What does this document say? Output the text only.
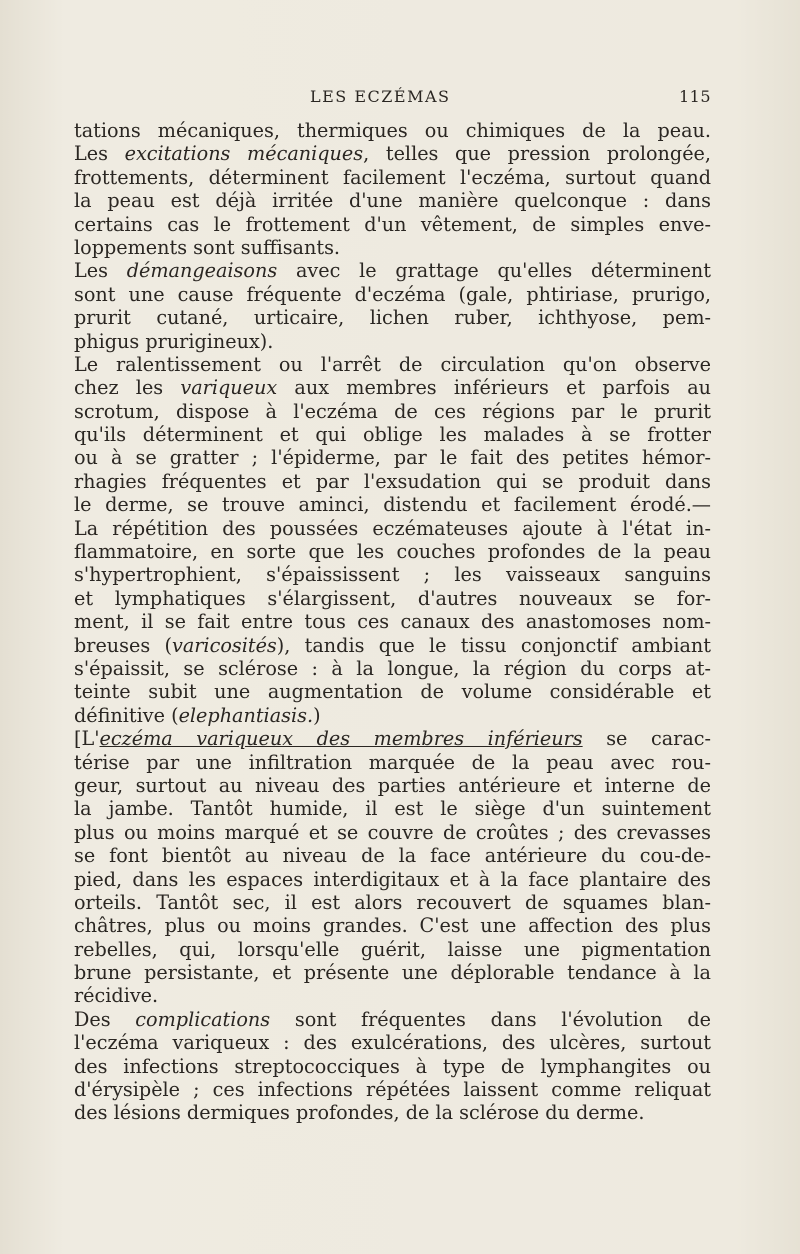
LES ECZÉMAS	115
tations mécaniques, thermiques ou chimiques de la peau.
Les excitations mécaniques, telles que pression prolongée,
frottements, déterminent facilement l'eczéma, surtout quand
la peau est déjà irritée d'une manière quelconque : dans
certains cas le frottement d'un vêtement, de simples enve-
loppements sont suffisants.
Les démangeaisons avec le grattage qu'elles déterminent
sont une cause fréquente d'eczéma (gale, phtiriase, prurigo,
prurit cutané, urticaire, lichen ruber, ichthyose, pem-
phigus prurigineux).
Le ralentissement ou l'arrêt de circulation qu'on observe
chez les variqueux aux membres inférieurs et parfois au
scrotum, dispose à l'eczéma de ces régions par le prurit
qu'ils déterminent et qui oblige les malades à se frotter
ou à se gratter ; l'épiderme, par le fait des petites hémor-
rhagies fréquentes et par l'exsudation qui se produit dans
le derme, se trouve aminci, distendu et facilement érodé.—
La répétition des poussées eczémateuses ajoute à l'état in-
flammatoire, en sorte que les couches profondes de la peau
s'hypertrophient, s'épaississent ; les vaisseaux sanguins
et lymphatiques s'élargissent, d'autres nouveaux se for-
ment, il se fait entre tous ces canaux des anastomoses nom-
breuses (varicosités), tandis que le tissu conjonctif ambiant
s'épaissit, se sclérose : à la longue, la région du corps at-
teinte subit une augmentation de volume considérable et
définitive (elephantiasis.)
[L'eczéma variqueux des membres inférieurs se carac-
térise par une infiltration marquée de la peau avec rou-
geur, surtout au niveau des parties antérieure et interne de
la jambe. Tantôt humide, il est le siège d'un suintement
plus ou moins marqué et se couvre de croûtes ; des crevasses
se font bientôt au niveau de la face antérieure du cou-de-
pied, dans les espaces interdigitaux et à la face plantaire des
orteils. Tantôt sec, il est alors recouvert de squames blan-
châtres, plus ou moins grandes. C'est une affection des plus
rebelles, qui, lorsqu'elle guérit, laisse une pigmentation
brune persistante, et présente une déplorable tendance à la
récidive.
Des complications sont fréquentes dans l'évolution de
l'eczéma variqueux : des exulcérations, des ulcères, surtout
des infections streptococciques à type de lymphangites ou
d'érysipèle ; ces infections répétées laissent comme reliquat
des lésions dermiques profondes, de la sclérose du derme.
